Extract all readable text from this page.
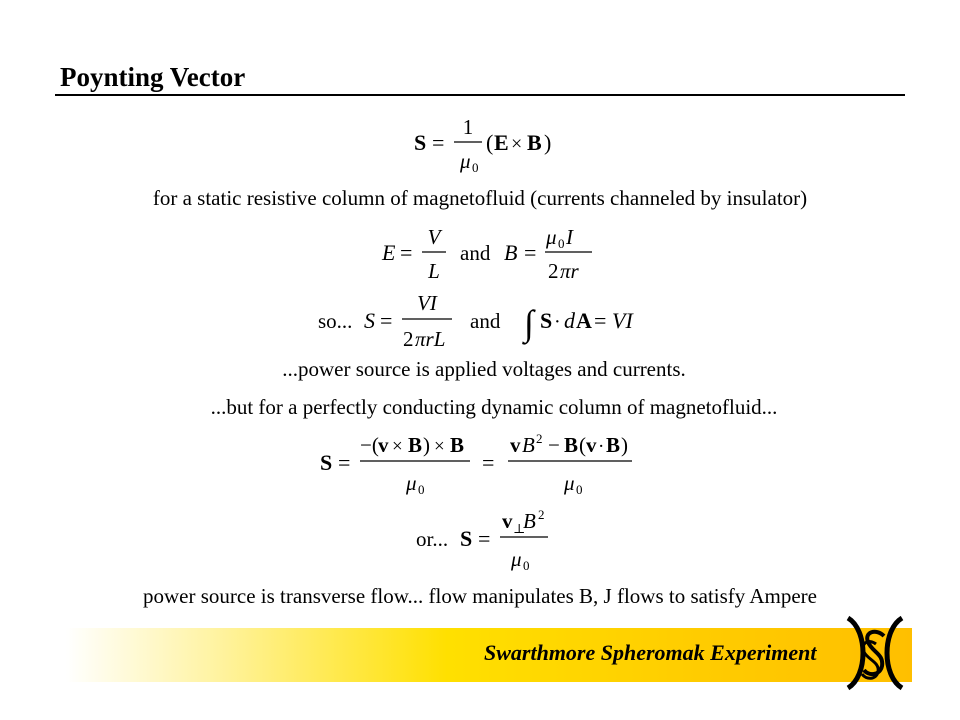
Poynting Vector
S =
1
μ 0
( E × B )
for a static resistive column of magnetofluid (currents channeled by insulator)
E =
V
L
and B =
μ 0 I
2 πr
so... S =
VI
2 πrL
and ∫ S · d A = VI
...power source is applied voltages and currents.
...but for a perfectly conducting dynamic column of magnetofluid...
S =
−( v × B ) × B
μ 0
=
v B 2 − B ( v · B )
μ 0
or... S =
v ⊥
B 2
μ 0
power source is transverse flow... flow manipulates B, J flows to satisfy Ampere
Swarthmore Spheromak Experiment
